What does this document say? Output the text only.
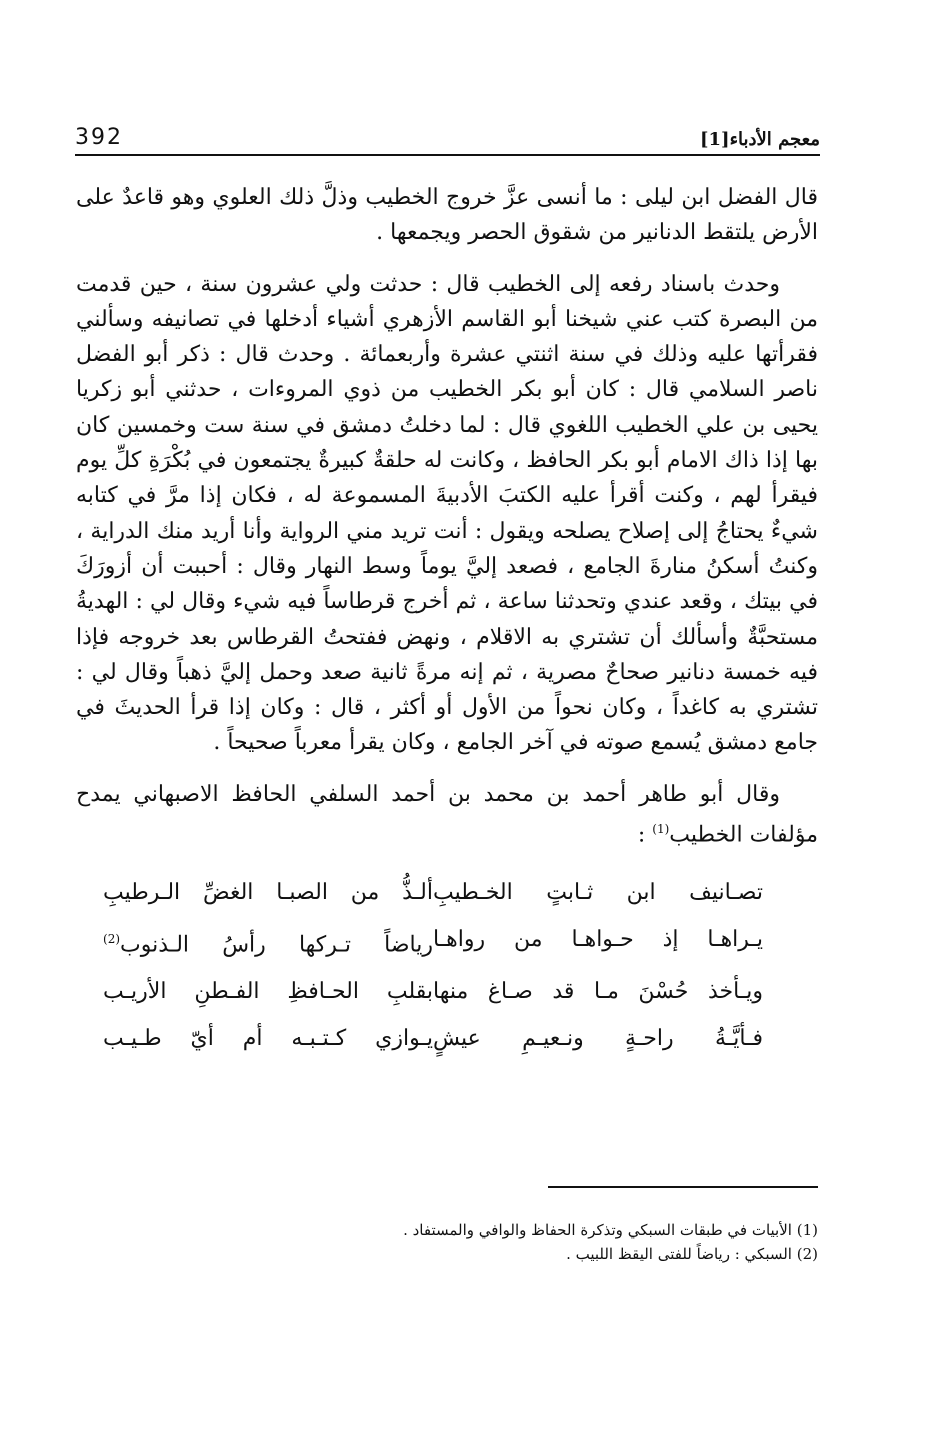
392	معجم الأدباء[1]

قال الفضل ابن ليلى : ما أنسى عزَّ خروج الخطيب وذلَّ ذلك العلوي وهو قاعدٌ على الأرض يلتقط الدنانير من شقوق الحصر ويجمعها .

وحدث باسناد رفعه إلى الخطيب قال : حدثت ولي عشرون سنة ، حين قدمت من البصرة كتب عني شيخنا أبو القاسم الأزهري أشياء أدخلها في تصانيفه وسألني فقرأتها عليه وذلك في سنة اثنتي عشرة وأربعمائة . وحدث قال : ذكر أبو الفضل ناصر السلامي قال : كان أبو بكر الخطيب من ذوي المروءات ، حدثني أبو زكريا يحيى بن علي الخطيب اللغوي قال : لما دخلتُ دمشق في سنة ست وخمسين كان بها إذا ذاك الامام أبو بكر الحافظ ، وكانت له حلقةٌ كبيرةٌ يجتمعون في بُكْرَةِ كلِّ يوم فيقرأ لهم ، وكنت أقرأ عليه الكتبَ الأدبيةَ المسموعة له ، فكان إذا مرَّ في كتابه شيءٌ يحتاجُ إلى إصلاح يصلحه ويقول : أنت تريد مني الرواية وأنا أريد منك الدراية ، وكنتُ أسكنُ منارةَ الجامع ، فصعد إليَّ يوماً وسط النهار وقال : أحببت أن أزورَكَ في بيتك ، وقعد عندي وتحدثنا ساعة ، ثم أخرج قرطاساً فيه شيء وقال لي : الهديةُ مستحبَّةٌ وأسألك أن تشتري به الاقلام ، ونهض ففتحتُ القرطاس بعد خروجه فإذا فيه خمسة دنانير صحاحٌ مصرية ، ثم إنه مرةً ثانية صعد وحمل إليَّ ذهباً وقال لي : تشتري به كاغداً ، وكان نحواً من الأول أو أكثر ، قال : وكان إذا قرأ الحديثَ في جامع دمشق يُسمع صوته في آخر الجامع ، وكان يقرأ معرباً صحيحاً .

وقال أبو طاهر أحمد بن محمد بن أحمد السلفي الحافظ الاصبهاني يمدح مؤلفات الخطيب$^{(1)}$ :

تصـانيف ابن ثـابتٍ الخـطيبِ
ألـذُّ من الصبـا الغضِّ الـرطيبِ
يـراهـا إذ حـواهـا من رواهـا
رياضاً تـركها رأسُ الـذنوب$^{(2)}$
ويـأخذ حُسْنَ مـا قد صـاغ منها
بقلبِ الحـافظِ الفـطنِ الأريـب
فـأيَّـةُ راحـةٍ ونـعيـمِ عيشٍ
يـوازي كـتـبـه أم أيّ طـيـب
(1) الأبيات في طبقات السبكي وتذكرة الحفاظ والوافي والمستفاد .
(2) السبكي : رياضاً للفتى اليقظ اللبيب .
